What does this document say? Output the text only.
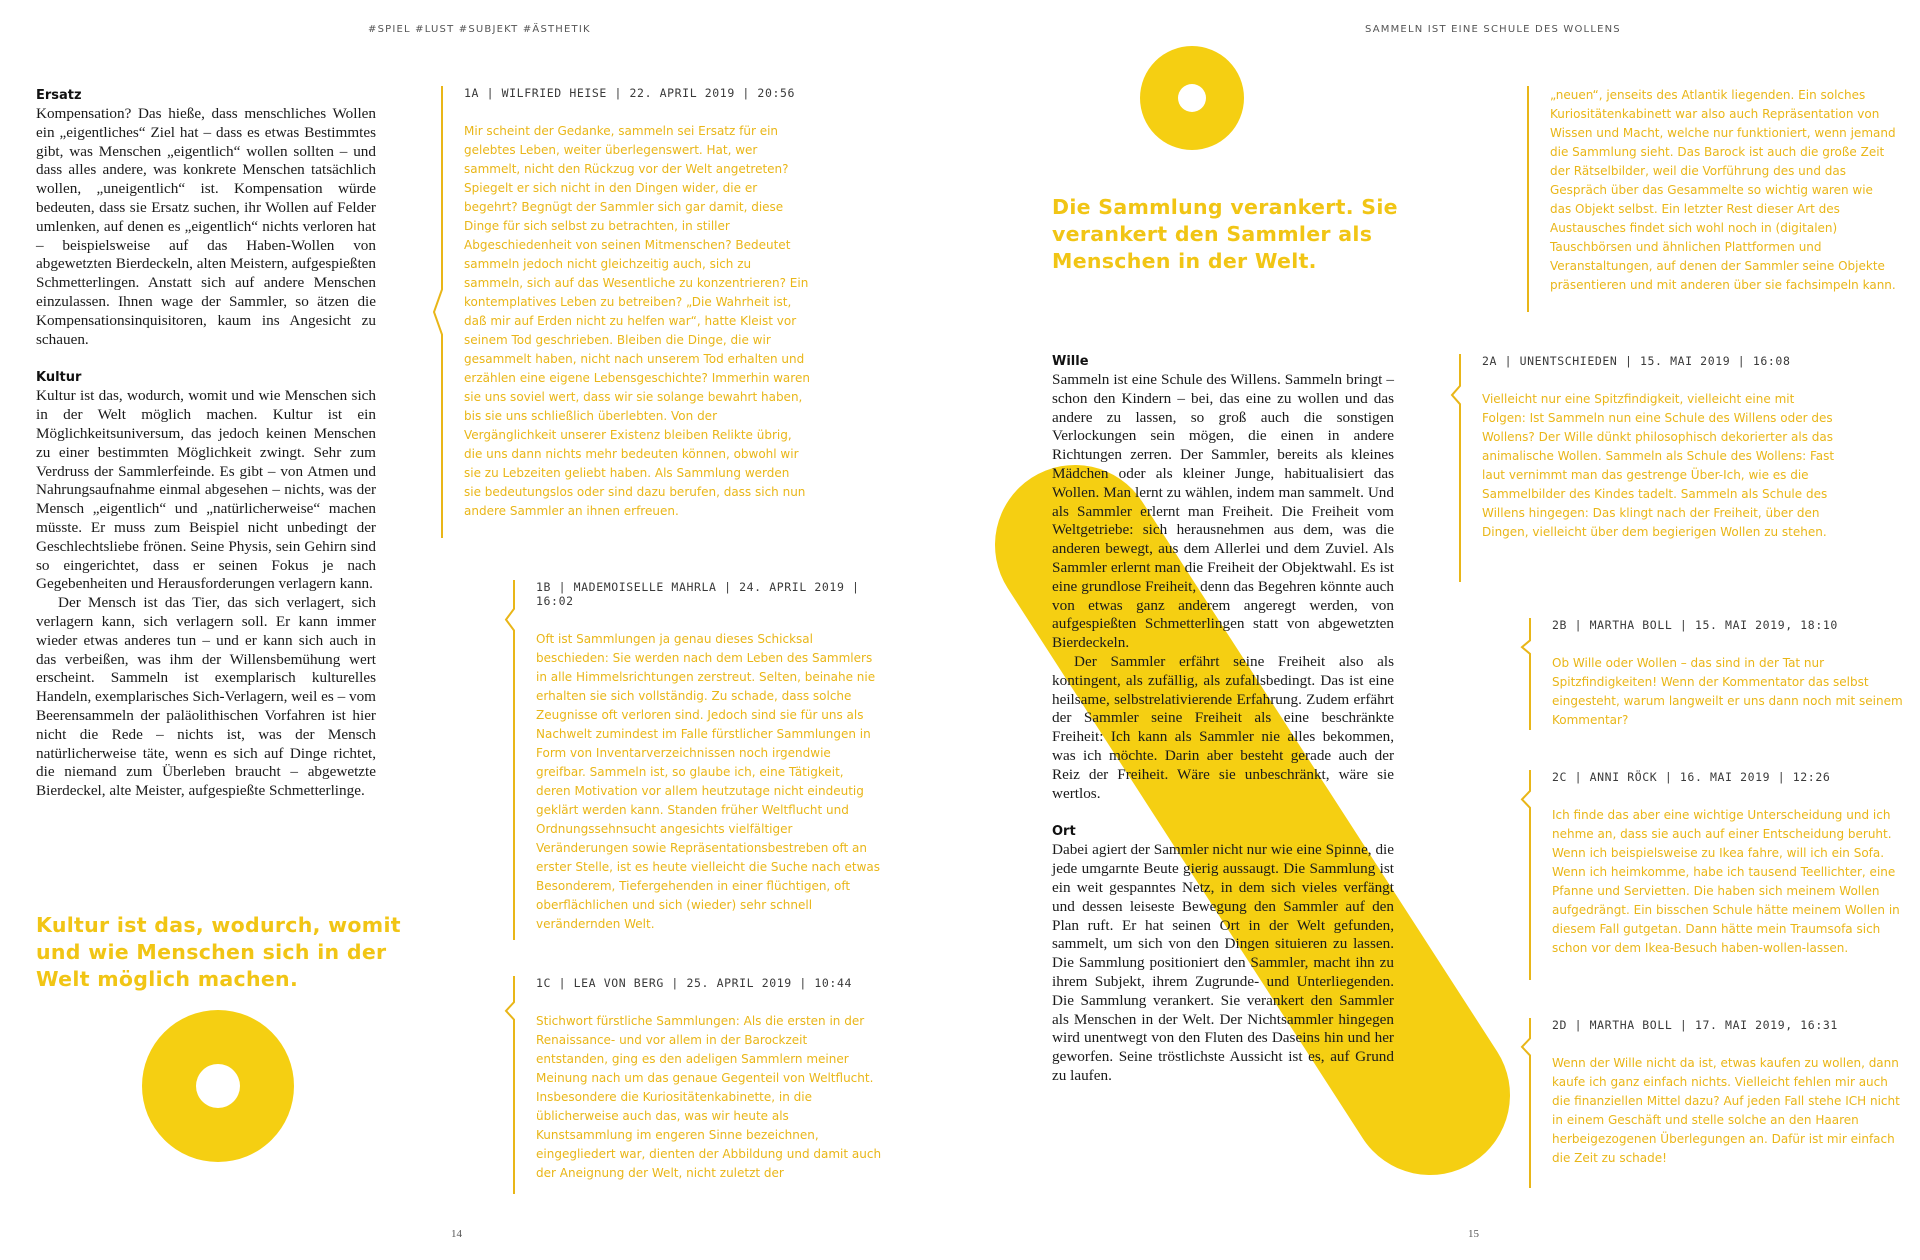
#SPIEL #LUST #SUBJEKT #ÄSTHETIK	SAMMELN IST EINE SCHULE DES WOLLENS
Ersatz

Kompensation? Das hieße, dass menschliches Wollen ein „eigentliches“ Ziel hat – dass es etwas Bestimmtes gibt, was Menschen „eigentlich“ wollen sollten – und dass alles andere, was konkrete Menschen tatsächlich wollen, „uneigentlich“ ist. Kompensation würde bedeuten, dass sie Ersatz suchen, ihr Wollen auf Felder umlenken, auf denen es „eigentlich“ nichts verloren hat – beispielsweise auf das Haben-Wollen von abgewetzten Bierdeckeln, alten Meistern, aufgespießten Schmetterlingen. Anstatt sich auf andere Menschen einzulassen. Ihnen wage der Sammler, so ätzen die Kompensationsinquisitoren, kaum ins Angesicht zu schauen.

Kultur

Kultur ist das, wodurch, womit und wie Menschen sich in der Welt möglich machen. Kultur ist ein Möglichkeitsuniversum, das jedoch keinen Menschen zu einer bestimmten Möglichkeit zwingt. Sehr zum Verdruss der Sammlerfeinde. Es gibt – von Atmen und Nahrungsaufnahme einmal abgesehen – nichts, was der Mensch „eigentlich“ und „natürlicherweise“ machen müsste. Er muss zum Beispiel nicht unbedingt der Geschlechtsliebe frönen. Seine Physis, sein Gehirn sind so eingerichtet, dass er seinen Fokus je nach Gegebenheiten und Herausforderungen verlagern kann.

Der Mensch ist das Tier, das sich verlagert, sich verlagern kann, sich verlagern soll. Er kann immer wieder etwas anderes tun – und er kann sich auch in das verbeißen, was ihm der Willensbemühung wert erscheint. Sammeln ist exemplarisch kulturelles Handeln, exemplarisches Sich-Verlagern, weil es – vom Beerensammeln der paläolithischen Vorfahren ist hier nicht die Rede – nichts ist, was der Mensch natürlicherweise täte, wenn es sich auf Dinge richtet, die niemand zum Überleben braucht – abgewetzte Bierdeckel, alte Meister, aufgespießte Schmetterlinge.

Kultur ist das, wodurch, womit und wie Menschen sich in der Welt möglich machen.
1A | WILFRIED HEISE | 22. APRIL 2019 | 20:56
Mir scheint der Gedanke, sammeln sei Ersatz für ein gelebtes Leben, weiter überlegenswert. Hat, wer sammelt, nicht den Rückzug vor der Welt angetreten? Spiegelt er sich nicht in den Dingen wider, die er begehrt? Begnügt der Sammler sich gar damit, diese Dinge für sich selbst zu betrachten, in stiller Abgeschiedenheit von seinen Mitmenschen? Bedeutet sammeln jedoch nicht gleichzeitig auch, sich zu sammeln, sich auf das Wesentliche zu konzentrieren? Ein kontemplatives Leben zu betreiben? „Die Wahrheit ist, daß mir auf Erden nicht zu helfen war“, hatte Kleist vor seinem Tod geschrieben. Bleiben die Dinge, die wir gesammelt haben, nicht nach unserem Tod erhalten und erzählen eine eigene Lebensgeschichte? Immerhin waren sie uns soviel wert, dass wir sie solange bewahrt haben, bis sie uns schließlich überlebten. Von der Vergänglichkeit unserer Existenz bleiben Relikte übrig, die uns dann nichts mehr bedeuten können, obwohl wir sie zu Lebzeiten geliebt haben. Als Sammlung werden sie bedeutungslos oder sind dazu berufen, dass sich nun andere Sammler an ihnen erfreuen.
1B | MADEMOISELLE MAHRLA | 24. APRIL 2019 | 16:02
Oft ist Sammlungen ja genau dieses Schicksal beschieden: Sie werden nach dem Leben des Sammlers in alle Himmelsrichtungen zerstreut. Selten, beinahe nie erhalten sie sich vollständig. Zu schade, dass solche Zeugnisse oft verloren sind. Jedoch sind sie für uns als Nachwelt zumindest im Falle fürstlicher Sammlungen in Form von Inventarverzeichnissen noch irgendwie greifbar. Sammeln ist, so glaube ich, eine Tätigkeit, deren Motivation vor allem heutzutage nicht eindeutig geklärt werden kann. Standen früher Weltflucht und Ordnungssehnsucht angesichts vielfältiger Veränderungen sowie Repräsentationsbestreben oft an erster Stelle, ist es heute vielleicht die Suche nach etwas Besonderem, Tiefergehenden in einer flüchtigen, oft oberflächlichen und sich (wieder) sehr schnell verändernden Welt.
1C | LEA VON BERG | 25. APRIL 2019 | 10:44
Stichwort fürstliche Sammlungen: Als die ersten in der Renaissance- und vor allem in der Barockzeit entstanden, ging es den adeligen Sammlern meiner Meinung nach um das genaue Gegenteil von Weltflucht. Insbesondere die Kuriositätenkabinette, in die üblicherweise auch das, was wir heute als Kunstsammlung im engeren Sinne bezeichnen, eingegliedert war, dienten der Abbildung und damit auch der Aneignung der Welt, nicht zuletzt der
14
Die Sammlung verankert. Sie verankert den Sammler als Menschen in der Welt.
Wille

Sammeln ist eine Schule des Willens. Sammeln bringt – schon den Kindern – bei, das eine zu wollen und das andere zu lassen, so groß auch die sonstigen Verlockungen sein mögen, die einen in andere Richtungen zerren. Der Sammler, bereits als kleines Mädchen oder als kleiner Junge, habitualisiert das Wollen. Man lernt zu wählen, indem man sammelt. Und als Sammler erlernt man Freiheit. Die Freiheit vom Weltgetriebe: sich herausnehmen aus dem, was die anderen bewegt, aus dem Allerlei und dem Zuviel. Als Sammler erlernt man die Freiheit der Objektwahl. Es ist eine grundlose Freiheit, denn das Begehren könnte auch von etwas ganz anderem angeregt werden, von aufgespießten Schmetterlingen statt von abgewetzten Bierdeckeln.

Der Sammler erfährt seine Freiheit also als kontingent, als zufällig, als zufallsbedingt. Das ist eine heilsame, selbstrelativierende Erfahrung. Zudem erfährt der Sammler seine Freiheit als eine beschränkte Freiheit: Ich kann als Sammler nie alles bekommen, was ich möchte. Darin aber besteht gerade auch der Reiz der Freiheit. Wäre sie unbeschränkt, wäre sie wertlos.

Ort

Dabei agiert der Sammler nicht nur wie eine Spinne, die jede umgarnte Beute gierig aussaugt. Die Sammlung ist ein weit gespanntes Netz, in dem sich vieles verfängt und dessen leiseste Bewegung den Sammler auf den Plan ruft. Er hat seinen Ort in der Welt gefunden, sammelt, um sich von den Dingen situieren zu lassen. Die Sammlung positioniert den Sammler, macht ihn zu ihrem Subjekt, ihrem Zugrunde- und Unterliegenden. Die Sammlung verankert. Sie verankert den Sammler als Menschen in der Welt. Der Nichtsammler hingegen wird unentwegt von den Fluten des Daseins hin und her geworfen. Seine tröstlichste Aussicht ist es, auf Grund zu laufen.

„neuen“, jenseits des Atlantik liegenden. Ein solches Kuriositätenkabinett war also auch Repräsentation von Wissen und Macht, welche nur funktioniert, wenn jemand die Sammlung sieht. Das Barock ist auch die große Zeit der Rätselbilder, weil die Vorführung des und das Gespräch über das Gesammelte so wichtig waren wie das Objekt selbst. Ein letzter Rest dieser Art des Austausches findet sich wohl noch in (digitalen) Tauschbörsen und ähnlichen Plattformen und Veranstaltungen, auf denen der Sammler seine Objekte präsentieren und mit anderen über sie fachsimpeln kann.
2A | UNENTSCHIEDEN | 15. MAI 2019 | 16:08
Vielleicht nur eine Spitzfindigkeit, vielleicht eine mit Folgen: Ist Sammeln nun eine Schule des Willens oder des Wollens? Der Wille dünkt philosophisch dekorierter als das animalische Wollen. Sammeln als Schule des Wollens: Fast laut vernimmt man das gestrenge Über-Ich, wie es die Sammelbilder des Kindes tadelt. Sammeln als Schule des Willens hingegen: Das klingt nach der Freiheit, über den Dingen, vielleicht über dem begierigen Wollen zu stehen.
2B | MARTHA BOLL | 15. MAI 2019, 18:10
Ob Wille oder Wollen – das sind in der Tat nur Spitzfindigkeiten! Wenn der Kommentator das selbst eingesteht, warum langweilt er uns dann noch mit seinem Kommentar?
2C | ANNI RÖCK | 16. MAI 2019 | 12:26
Ich finde das aber eine wichtige Unterscheidung und ich nehme an, dass sie auch auf einer Entscheidung beruht. Wenn ich beispielsweise zu Ikea fahre, will ich ein Sofa. Wenn ich heimkomme, habe ich tausend Teellichter, eine Pfanne und Servietten. Die haben sich meinem Wollen aufgedrängt. Ein bisschen Schule hätte meinem Wollen in diesem Fall gutgetan. Dann hätte mein Traumsofa sich schon vor dem Ikea-Besuch haben-wollen-lassen.
2D | MARTHA BOLL | 17. MAI 2019, 16:31
Wenn der Wille nicht da ist, etwas kaufen zu wollen, dann kaufe ich ganz einfach nichts. Vielleicht fehlen mir auch die finanziellen Mittel dazu? Auf jeden Fall stehe ICH nicht in einem Geschäft und stelle solche an den Haaren herbeigezogenen Überlegungen an. Dafür ist mir einfach die Zeit zu schade!
15
